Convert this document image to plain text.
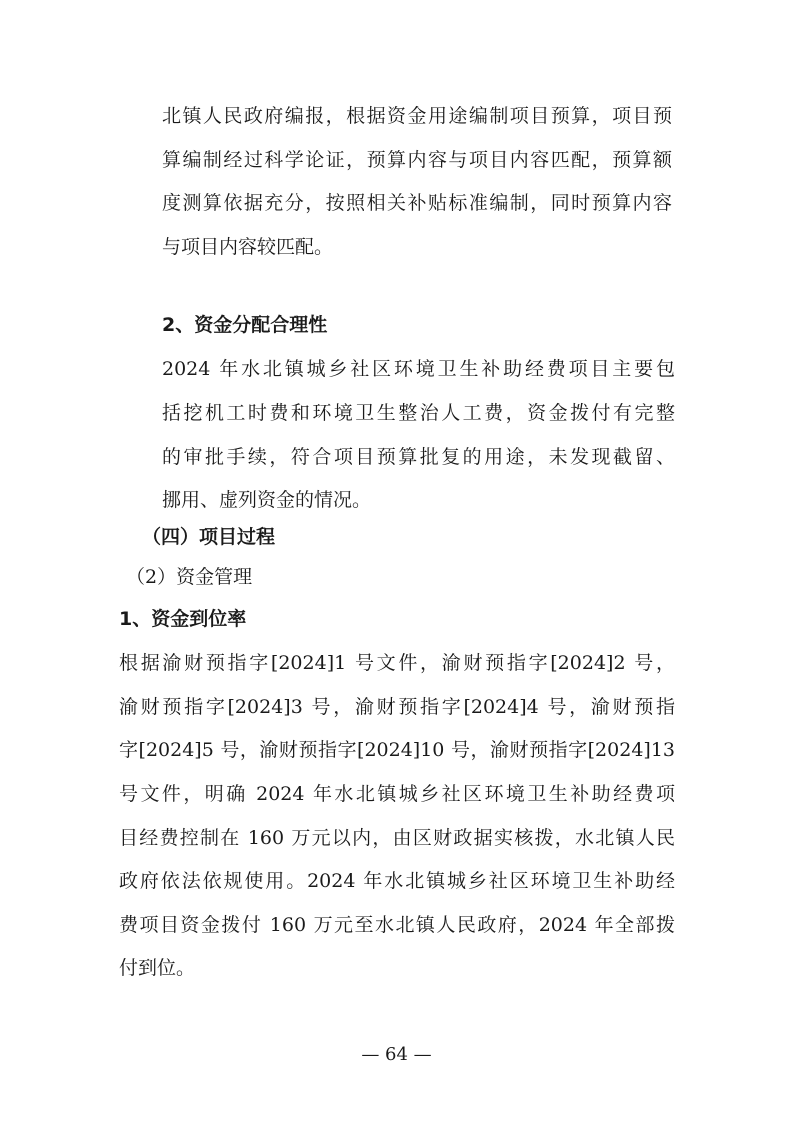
北镇人民政府编报，根据资金用途编制项目预算，项目预

算编制经过科学论证，预算内容与项目内容匹配，预算额

度测算依据充分，按照相关补贴标准编制，同时预算内容

与项目内容较匹配。

2、资金分配合理性

2024 年水北镇城乡社区环境卫生补助经费项目主要包

括挖机工时费和环境卫生整治人工费，资金拨付有完整

的审批手续，符合项目预算批复的用途，未发现截留、

挪用、虚列资金的情况。

（四）项目过程
（2）资金管理
1、资金到位率

根据渝财预指字[2024]1 号文件，渝财预指字[2024]2 号，

渝财预指字[2024]3 号，渝财预指字[2024]4 号，渝财预指

字[2024]5 号，渝财预指字[2024]10 号，渝财预指字[2024]13

号文件，明确 2024 年水北镇城乡社区环境卫生补助经费项

目经费控制在 160 万元以内，由区财政据实核拨，水北镇人民

政府依法依规使用。2024 年水北镇城乡社区环境卫生补助经

费项目资金拨付 160 万元至水北镇人民政府，2024 年全部拨

付到位。

— 64 —
